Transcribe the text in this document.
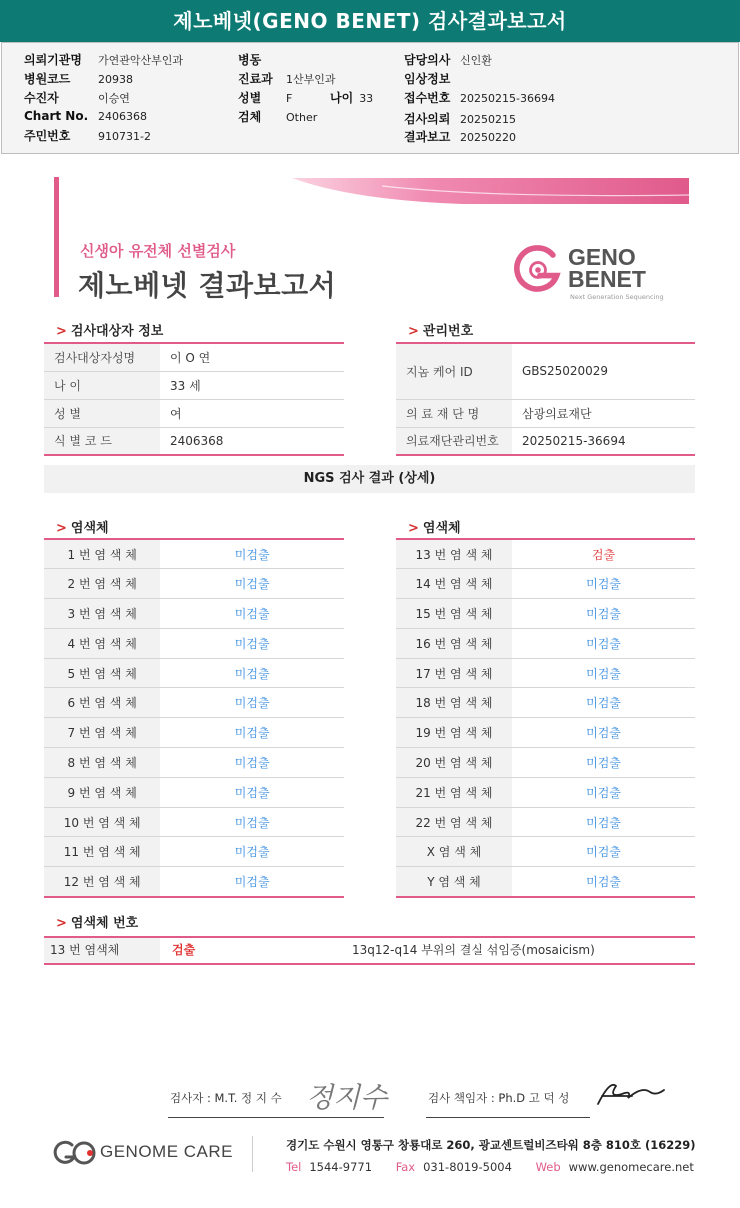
제노베넷(GENO BENET) 검사결과보고서
의뢰기관명 가연관악산부인과
병원코드	20938
수진자	이승연
Chart No. 2406368
주민번호	910731-2
병동
진료과 1산부인과
성별 F	나이 33
검체 Other
담당의사 신인환
임상정보
접수번호 20250215-36694
검사의뢰 20250215
결과보고 20250220
신생아 유전체 선별검사
제노베넷 결과보고서
GENO
BENET
Next Generation Sequencing
> 검사대상자 정보
검사대상자성명	이 O 연
나 이	33 세
성 별	여
식 별 코 드	2406368
> 관리번호
지놈 케어 ID	GBS25020029
의 료 재 단 명	삼광의료재단
의료재단관리번호	20250215-36694
NGS 검사 결과 (상세)
> 염색체
1 번 염 색 체	미검출
2 번 염 색 체	미검출
3 번 염 색 체	미검출
4 번 염 색 체	미검출
5 번 염 색 체	미검출
6 번 염 색 체	미검출
7 번 염 색 체	미검출
8 번 염 색 체	미검출
9 번 염 색 체	미검출
10 번 염 색 체	미검출
11 번 염 색 체	미검출
12 번 염 색 체	미검출
> 염색체
13 번 염 색 체	검출
14 번 염 색 체	미검출
15 번 염 색 체	미검출
16 번 염 색 체	미검출
17 번 염 색 체	미검출
18 번 염 색 체	미검출
19 번 염 색 체	미검출
20 번 염 색 체	미검출
21 번 염 색 체	미검출
22 번 염 색 체	미검출
X 염 색 체	미검출
Y 염 색 체	미검출
> 염색체 번호
13 번 염색체	검출	13q12-q14 부위의 결실 섞임증(mosaicism)
검사자 : M.T. 정 지 수 정지수	검사 책임자 : Ph.D 고 덕 성
GENOME CARE	경기도 수원시 영통구 창룡대로 260, 광교센트럴비즈타워 8층 810호 (16229)
Tel 1544-9771 Fax 031-8019-5004 Web www.genomecare.net
